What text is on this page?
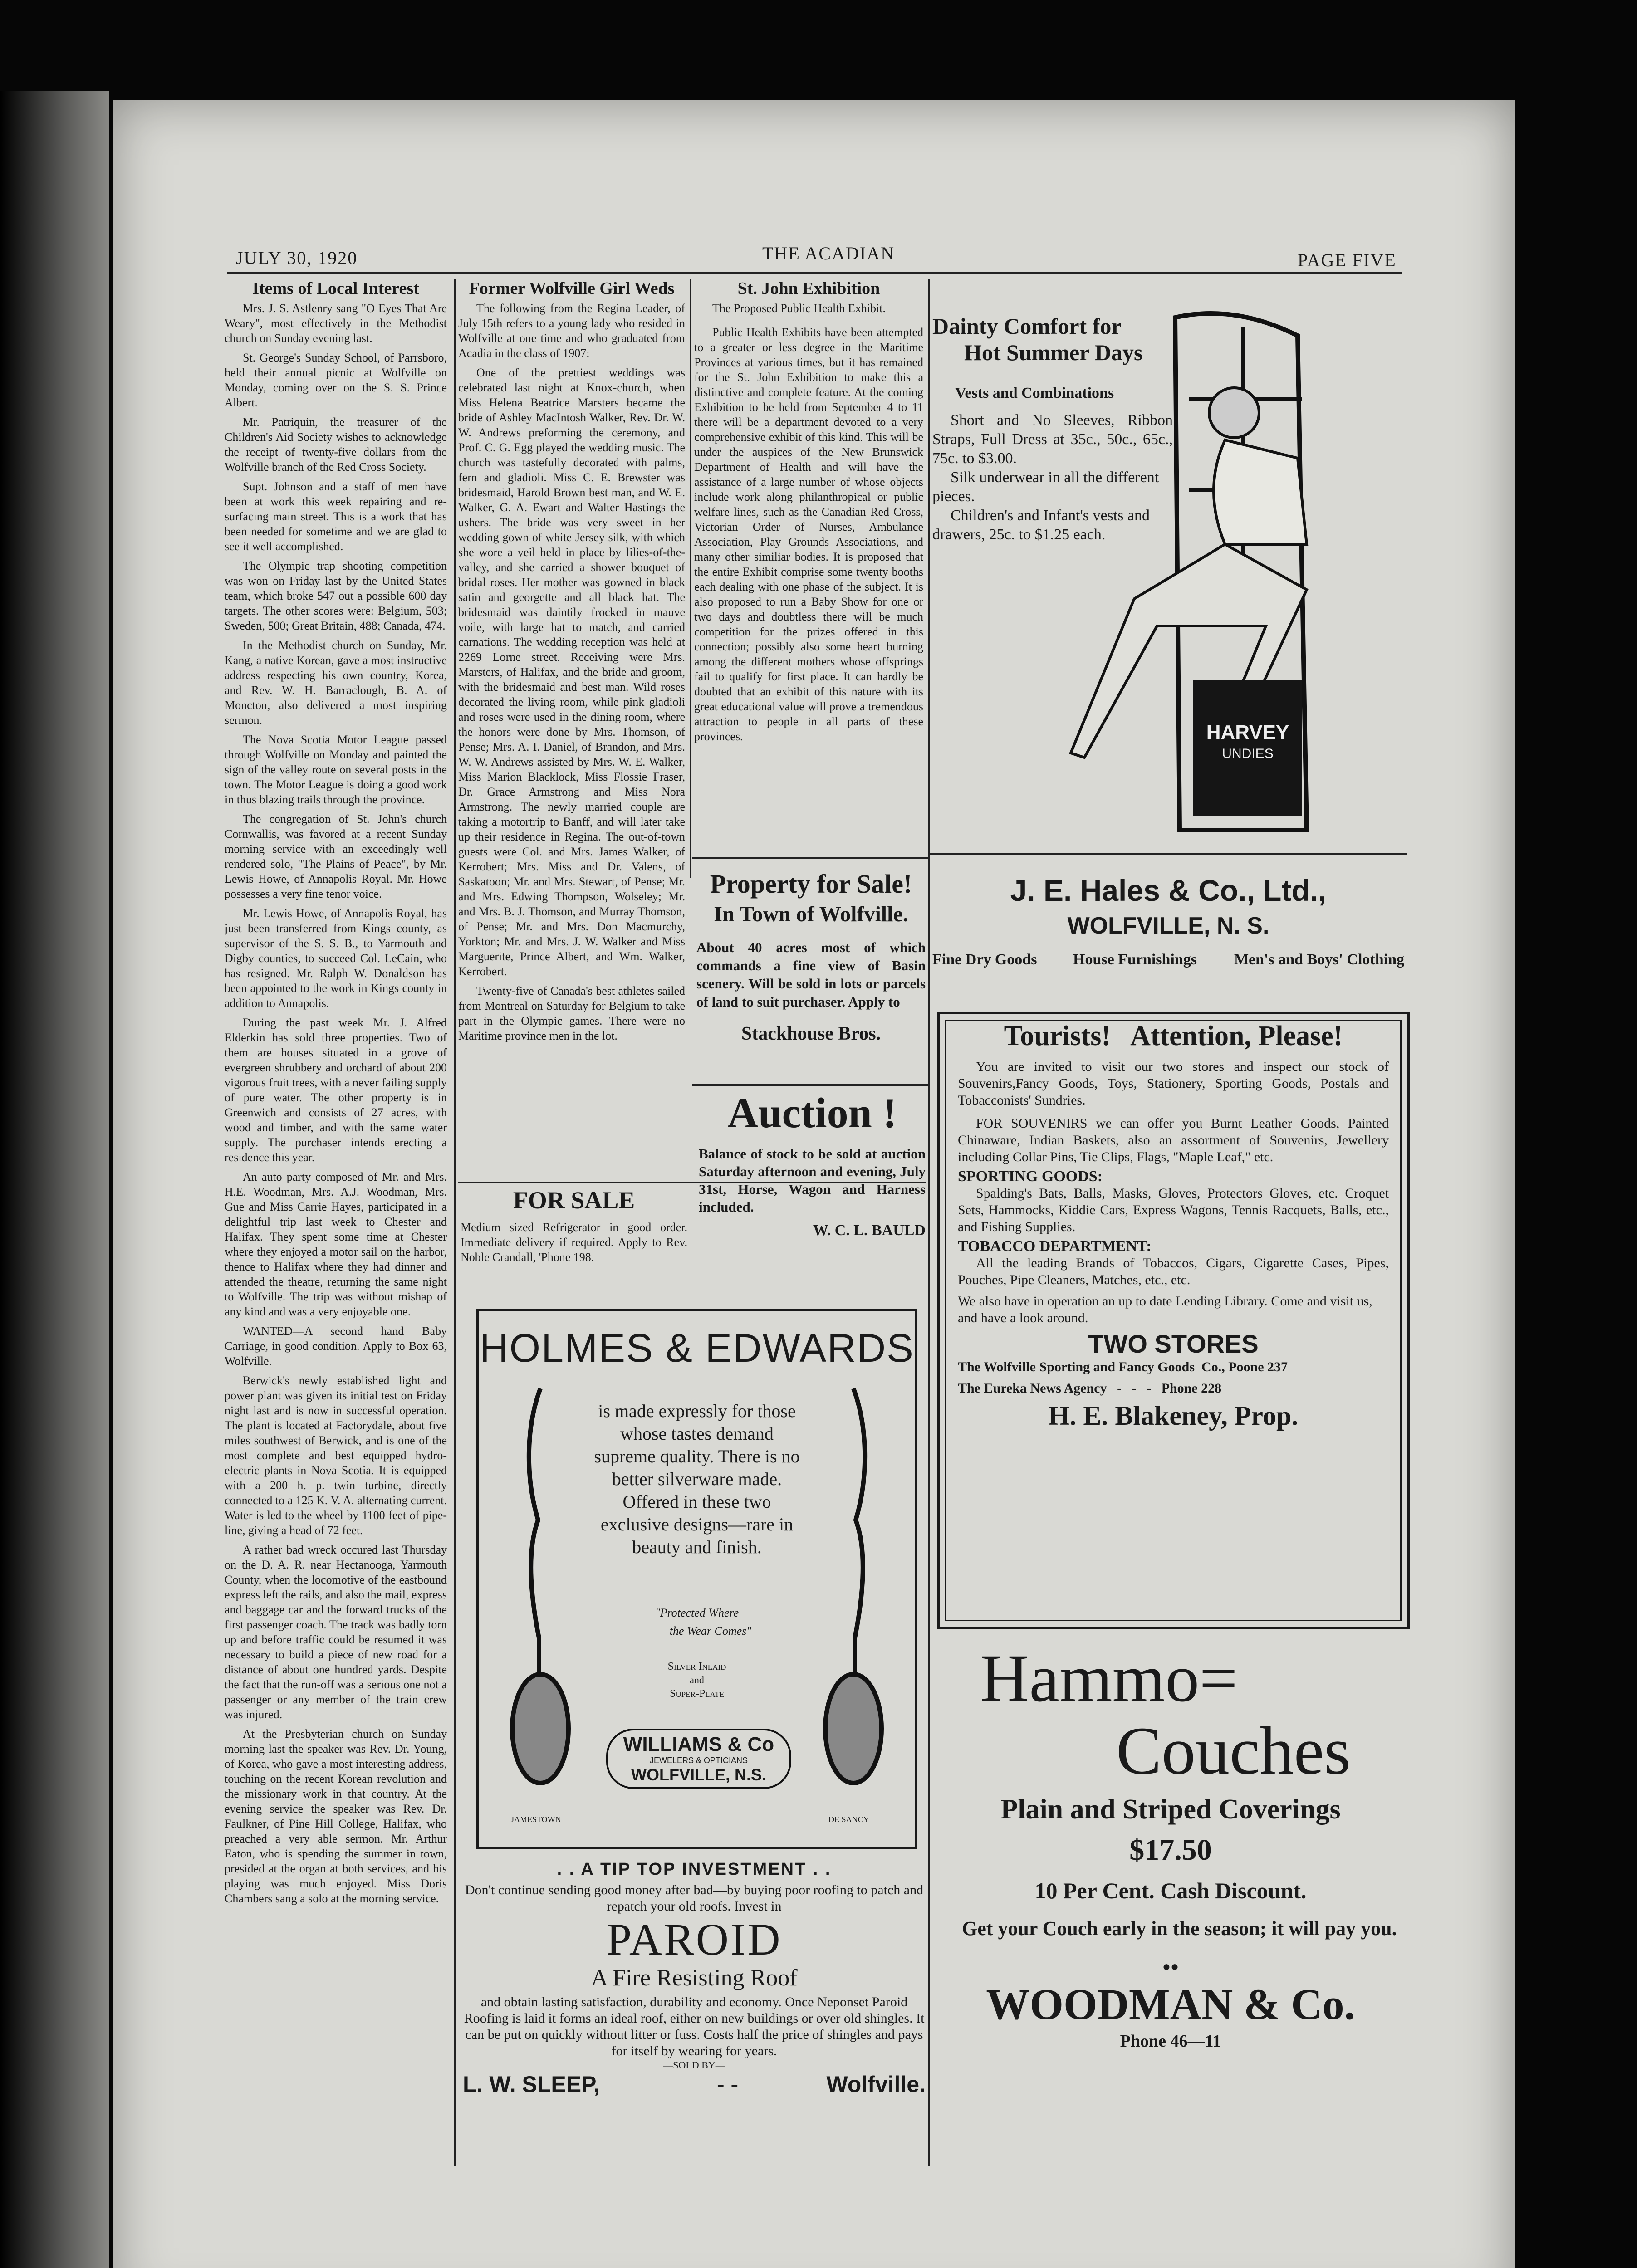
JULY 30, 1920	THE ACADIAN	PAGE FIVE

Items of Local Interest

Mrs. J. S. Astlenry sang "O Eyes That Are Weary", most effectively in the Methodist church on Sunday evening last.

St. George's Sunday School, of Parrsboro, held their annual picnic at Wolfville on Monday, coming over on the S. S. Prince Albert.

Mr. Patriquin, the treasurer of the Children's Aid Society wishes to acknowledge the receipt of twenty-five dollars from the Wolfville branch of the Red Cross Society.

Supt. Johnson and a staff of men have been at work this week repairing and re-surfacing main street. This is a work that has been needed for sometime and we are glad to see it well accomplished.

The Olympic trap shooting competition was won on Friday last by the United States team, which broke 547 out a possible 600 day targets. The other scores were: Belgium, 503; Sweden, 500; Great Britain, 488; Canada, 474.

In the Methodist church on Sunday, Mr. Kang, a native Korean, gave a most instructive address respecting his own country, Korea, and Rev. W. H. Barraclough, B. A. of Moncton, also delivered a most inspiring sermon.

The Nova Scotia Motor League passed through Wolfville on Monday and painted the sign of the valley route on several posts in the town. The Motor League is doing a good work in thus blazing trails through the province.

The congregation of St. John's church Cornwallis, was favored at a recent Sunday morning service with an exceedingly well rendered solo, "The Plains of Peace", by Mr. Lewis Howe, of Annapolis Royal. Mr. Howe possesses a very fine tenor voice.

Mr. Lewis Howe, of Annapolis Royal, has just been transferred from Kings county, as supervisor of the S. S. B., to Yarmouth and Digby counties, to succeed Col. LeCain, who has resigned. Mr. Ralph W. Donaldson has been appointed to the work in Kings county in addition to Annapolis.

During the past week Mr. J. Alfred Elderkin has sold three properties. Two of them are houses situated in a grove of evergreen shrubbery and orchard of about 200 vigorous fruit trees, with a never failing supply of pure water. The other property is in Greenwich and consists of 27 acres, with wood and timber, and with the same water supply. The purchaser intends erecting a residence this year.

An auto party composed of Mr. and Mrs. H.E. Woodman, Mrs. A.J. Woodman, Mrs. Gue and Miss Carrie Hayes, participated in a delightful trip last week to Chester and Halifax. They spent some time at Chester where they enjoyed a motor sail on the harbor, thence to Halifax where they had dinner and attended the theatre, returning the same night to Wolfville. The trip was without mishap of any kind and was a very enjoyable one.

WANTED—A second hand Baby Carriage, in good condition. Apply to Box 63, Wolfville.

Berwick's newly established light and power plant was given its initial test on Friday night last and is now in successful operation. The plant is located at Factorydale, about five miles southwest of Berwick, and is one of the most complete and best equipped hydro-electric plants in Nova Scotia. It is equipped with a 200 h. p. twin turbine, directly connected to a 125 K. V. A. alternating current. Water is led to the wheel by 1100 feet of pipe-line, giving a head of 72 feet.

A rather bad wreck occured last Thursday on the D. A. R. near Hectanooga, Yarmouth County, when the locomotive of the eastbound express left the rails, and also the mail, express and baggage car and the forward trucks of the first passenger coach. The track was badly torn up and before traffic could be resumed it was necessary to build a piece of new road for a distance of about one hundred yards. Despite the fact that the run-off was a serious one not a passenger or any member of the train crew was injured.

At the Presbyterian church on Sunday morning last the speaker was Rev. Dr. Young, of Korea, who gave a most interesting address, touching on the recent Korean revolution and the missionary work in that country. At the evening service the speaker was Rev. Dr. Faulkner, of Pine Hill College, Halifax, who preached a very able sermon. Mr. Arthur Eaton, who is spending the summer in town, presided at the organ at both services, and his playing was much enjoyed. Miss Doris Chambers sang a solo at the morning service.

Former Wolfville Girl Weds

The following from the Regina Leader, of July 15th refers to a young lady who resided in Wolfville at one time and who graduated from Acadia in the class of 1907:

One of the prettiest weddings was celebrated last night at Knox-church, when Miss Helena Beatrice Marsters became the bride of Ashley MacIntosh Walker, Rev. Dr. W. W. Andrews preforming the ceremony, and Prof. C. G. Egg played the wedding music. The church was tastefully decorated with palms, fern and gladioli. Miss C. E. Brewster was bridesmaid, Harold Brown best man, and W. E. Walker, G. A. Ewart and Walter Hastings the ushers. The bride was very sweet in her wedding gown of white Jersey silk, with which she wore a veil held in place by lilies-of-the-valley, and she carried a shower bouquet of bridal roses. Her mother was gowned in black satin and georgette and all black hat. The bridesmaid was daintily frocked in mauve voile, with large hat to match, and carried carnations. The wedding reception was held at 2269 Lorne street. Receiving were Mrs. Marsters, of Halifax, and the bride and groom, with the bridesmaid and best man. Wild roses decorated the living room, while pink gladioli and roses were used in the dining room, where the honors were done by Mrs. Thomson, of Pense; Mrs. A. I. Daniel, of Brandon, and Mrs. W. W. Andrews assisted by Mrs. W. E. Walker, Miss Marion Blacklock, Miss Flossie Fraser, Dr. Grace Armstrong and Miss Nora Armstrong. The newly married couple are taking a motortrip to Banff, and will later take up their residence in Regina. The out-of-town guests were Col. and Mrs. James Walker, of Kerrobert; Mrs. Miss and Dr. Valens, of Saskatoon; Mr. and Mrs. Stewart, of Pense; Mr. and Mrs. Edwing Thompson, Wolseley; Mr. and Mrs. B. J. Thomson, and Murray Thomson, of Pense; Mr. and Mrs. Don Macmurchy, Yorkton; Mr. and Mrs. J. W. Walker and Miss Marguerite, Prince Albert, and Wm. Walker, Kerrobert.

Twenty-five of Canada's best athletes sailed from Montreal on Saturday for Belgium to take part in the Olympic games. There were no Maritime province men in the lot.

FOR SALE
Medium sized Refrigerator in good order. Immediate delivery if required. Apply to Rev. Noble Crandall, 'Phone 198.

St. John Exhibition

The Proposed Public Health Exhibit.

Public Health Exhibits have been attempted to a greater or less degree in the Maritime Provinces at various times, but it has remained for the St. John Exhibition to make this a distinctive and complete feature. At the coming Exhibition to be held from September 4 to 11 there will be a department devoted to a very comprehensive exhibit of this kind. This will be under the auspices of the New Brunswick Department of Health and will have the assistance of a large number of whose objects include work along philanthropical or public welfare lines, such as the Canadian Red Cross, Victorian Order of Nurses, Ambulance Association, Play Grounds Associations, and many other similiar bodies. It is proposed that the entire Exhibit comprise some twenty booths each dealing with one phase of the subject. It is also proposed to run a Baby Show for one or two days and doubtless there will be much competition for the prizes offered in this connection; possibly also some heart burning among the different mothers whose offsprings fail to qualify for first place. It can hardly be doubted that an exhibit of this nature with its great educational value will prove a tremendous attraction to people in all parts of these provinces.

Property for Sale!
In Town of Wolfville.
About 40 acres most of which commands a fine view of Basin scenery. Will be sold in lots or parcels of land to suit purchaser. Apply to
Stackhouse Bros.
Auction !
Balance of stock to be sold at auction Saturday afternoon and evening, July 31st, Horse, Wagon and Harness included.
W. C. L. BAULD
HOLMES & EDWARDS
is made expressly for those whose tastes demand supreme quality. There is no better silverware made. Offered in these two exclusive designs—rare in beauty and finish.
"Protected Where
the Wear Comes"
Silver Inlaid
and
Super-Plate
WILLIAMS & Co
JEWELERS & OPTICIANS
WOLFVILLE, N.S.
JAMESTOWN	DE SANCY
. . A TIP TOP INVESTMENT . .
Don't continue sending good money after bad—by buying poor roofing to patch and repatch your old roofs. Invest in
PAROID
A Fire Resisting Roof
and obtain lasting satisfaction, durability and economy. Once Neponset Paroid Roofing is laid it forms an ideal roof, either on new buildings or over old shingles. It can be put on quickly without litter or fuss. Costs half the price of shingles and pays for itself by wearing for years.
—SOLD BY—
L. W. SLEEP,	- -	Wolfville.
Dainty Comfort for
Hot Summer Days
Vests and Combinations
Short and No Sleeves, Ribbon Straps, Full Dress at 35c., 50c., 65c., 75c. to $3.00.
Silk underwear in all the different pieces.
Children's and Infant's vests and drawers, 25c. to $1.25 each.
HARVEY
UNDIES
J. E. Hales & Co., Ltd.,
WOLFVILLE, N. S.
Fine Dry Goods House Furnishings Men's and Boys' Clothing
Tourists!   Attention, Please!
You are invited to visit our two stores and inspect our stock of Souvenirs,Fancy Goods, Toys, Stationery, Sporting Goods, Postals and Tobacconists' Sundries.
FOR SOUVENIRS we can offer you Burnt Leather Goods, Painted Chinaware, Indian Baskets, also an assortment of Souvenirs, Jewellery including Collar Pins, Tie Clips, Flags, "Maple Leaf," etc.
SPORTING GOODS:
Spalding's Bats, Balls, Masks, Gloves, Protectors Gloves, etc. Croquet Sets, Hammocks, Kiddie Cars, Express Wagons, Tennis Racquets, Balls, etc., and Fishing Supplies.
TOBACCO DEPARTMENT:
All the leading Brands of Tobaccos, Cigars, Cigarette Cases, Pipes, Pouches, Pipe Cleaners, Matches, etc., etc.
We also have in operation an up to date Lending Library. Come and visit us, and have a look around.
TWO STORES
The Wolfville Sporting and Fancy Goods  Co., Poone 237
The Eureka News Agency   -   -   -   Phone 228
H. E. Blakeney, Prop.
Hammo=
Couches
Plain and Striped Coverings
$17.50
10 Per Cent. Cash Discount.
Get your Couch early in the season; it will pay you.
●●
WOODMAN & Co.
Phone 46—11
